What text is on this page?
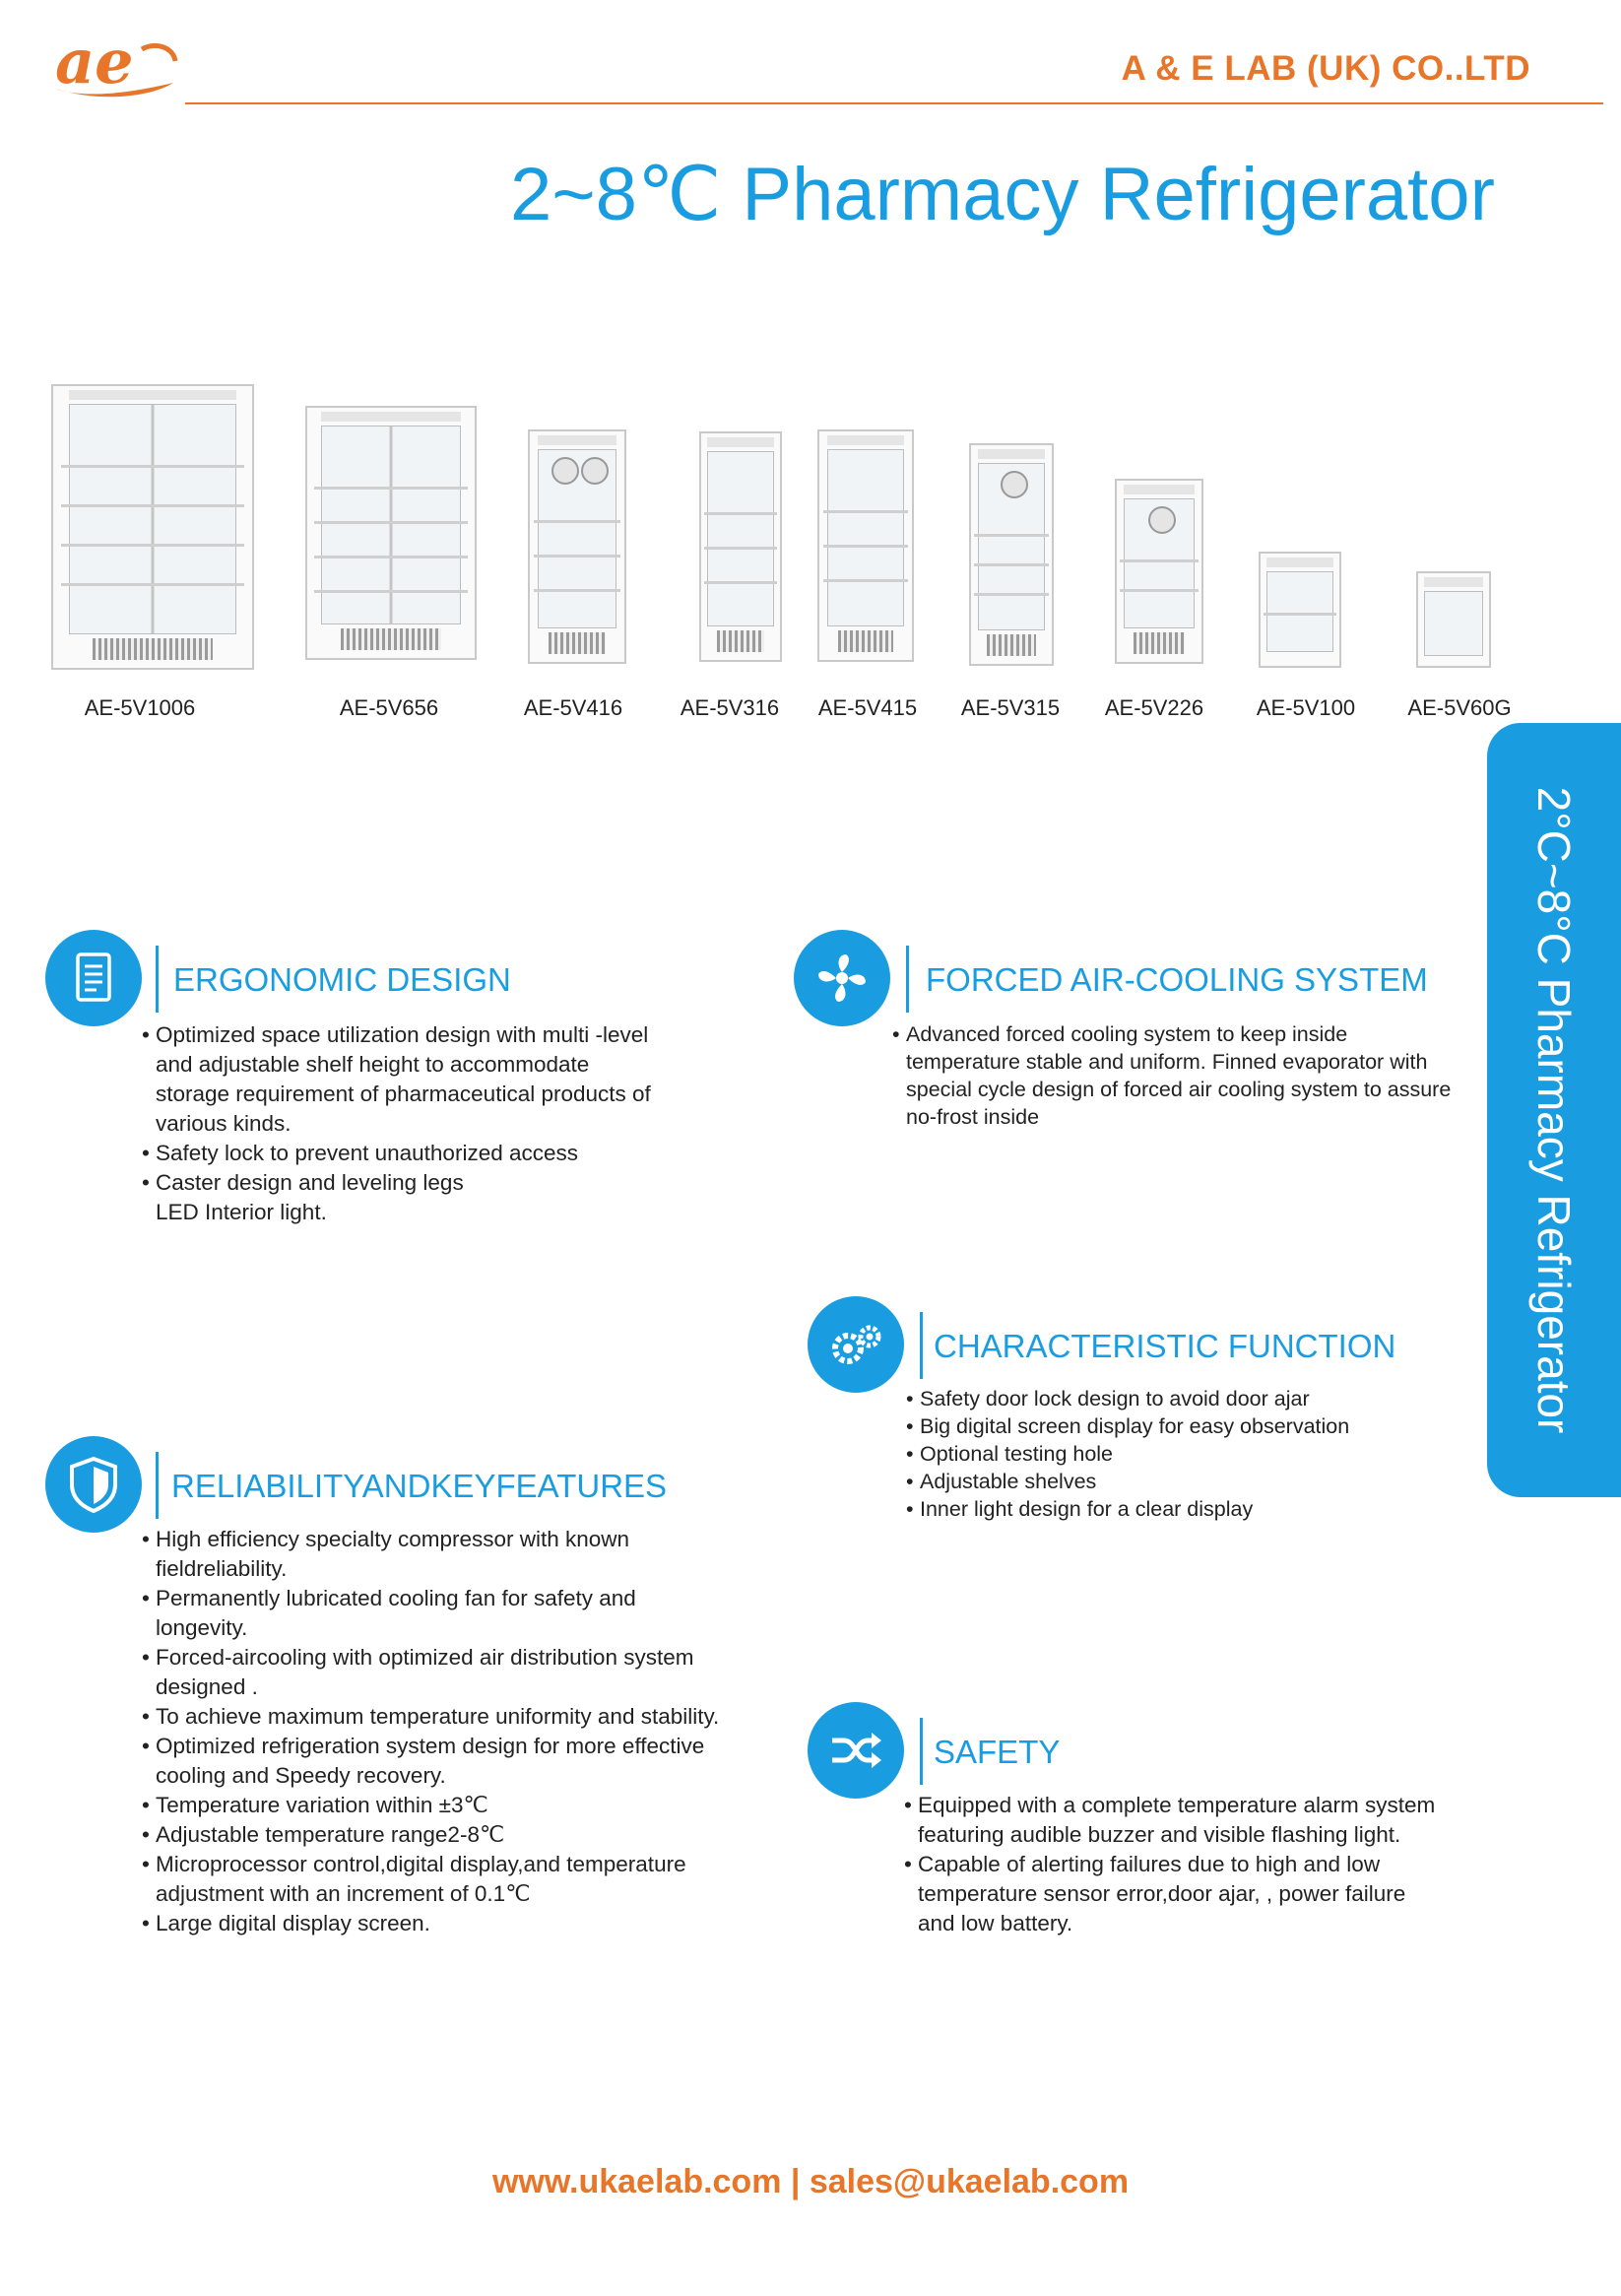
ae	A & E LAB (UK) CO..LTD
2~8℃ Pharmacy Refrigerator
AE-5V1006	AE-5V656	AE-5V416	AE-5V316 AE-5V415 AE-5V315 AE-5V226 AE-5V100 AE-5V60G
2°C~8°C Pharmacy Refrigerator
ERGONOMIC DESIGN
• Optimized space utilization design with multi -level and adjustable shelf height to accommodate storage requirement of pharmaceutical products of various kinds.
• Safety lock to prevent unauthorized access
• Caster design and leveling legs
LED Interior light.
FORCED AIR-COOLING SYSTEM
• Advanced forced cooling system to keep inside temperature stable and uniform. Finned evaporator with special cycle design of forced air cooling system to assure no-frost inside
CHARACTERISTIC FUNCTION
• Safety door lock design to avoid door ajar
• Big digital screen display for easy observation
• Optional testing hole
• Adjustable shelves
• Inner light design for a clear display
RELIABILITYANDKEYFEATURES
• High efficiency specialty compressor with known fieldreliability.
• Permanently lubricated cooling fan for safety and longevity.
• Forced-aircooling with optimized air distribution system designed .
• To achieve maximum temperature uniformity and stability.
• Optimized refrigeration system design for more effective cooling and Speedy recovery.
• Temperature variation within ±3℃
• Adjustable temperature range2-8℃
• Microprocessor control,digital display,and temperature adjustment with an increment of 0.1℃
• Large digital display screen.
SAFETY
• Equipped with a complete temperature alarm system featuring audible buzzer and visible flashing light.
• Capable of alerting failures due to high and low temperature sensor error,door ajar, , power failure and low battery.
www.ukaelab.com | sales@ukaelab.com
